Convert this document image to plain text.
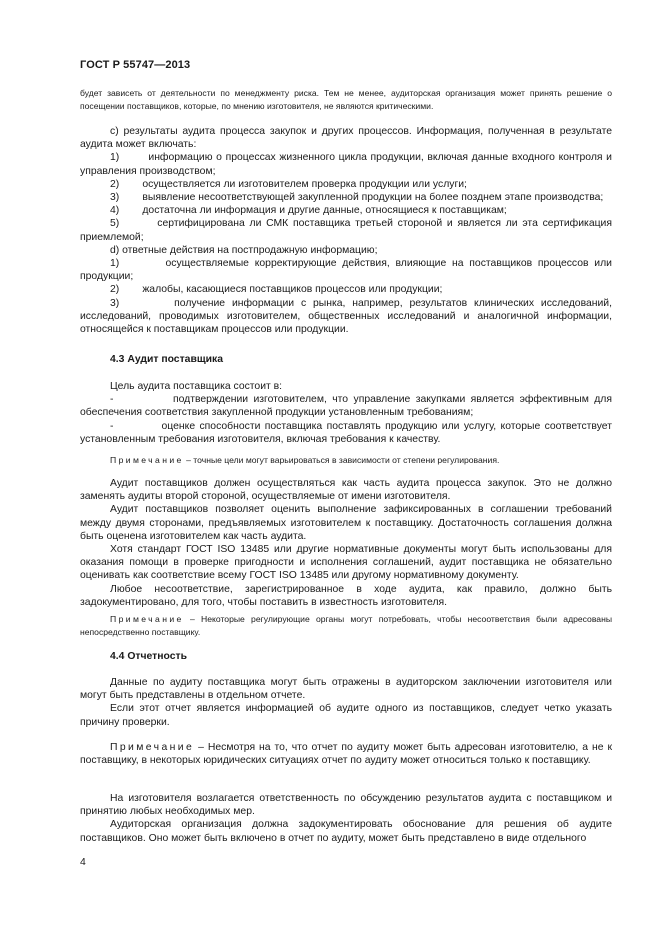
ГОСТ Р 55747—2013
будет зависеть от деятельности по менеджменту риска. Тем не менее, аудиторская организация может принять решение о посещении поставщиков, которые, по мнению изготовителя, не являются критическими.

c) результаты аудита процесса закупок и других процессов. Информация, полученная в результате аудита может включать:

1)	информацию о процессах жизненного цикла продукции, включая данные входного контроля и управления производством;

2) осуществляется ли изготовителем проверка продукции или услуги;

3) выявление несоответствующей закупленной продукции на более позднем этапе производства;

4) достаточна ли информация и другие данные, относящиеся к поставщикам;

5)	сертифицирована ли СМК поставщика третьей стороной и является ли эта сертификация приемлемой;

d) ответные действия на постпродажную информацию;

1)	осуществляемые корректирующие действия, влияющие на поставщиков процессов или продукции;

2) жалобы, касающиеся поставщиков процессов или продукции;

3)	получение информации с рынка, например, результатов клинических исследований, исследований, проводимых изготовителем, общественных исследований и аналогичной информации, относящейся к поставщикам процессов или продукции.

4.3 Аудит поставщика

Цель аудита поставщика состоит в:

-	подтверждении изготовителем, что управление закупками является эффективным для обеспечения соответствия закупленной продукции установленным требованиям;

-	оценке способности поставщика поставлять продукцию или услугу, которые соответствует установленным требования изготовителя, включая требования к качеству.

Примечание – точные цели могут варьироваться в зависимости от степени регулирования.

Аудит поставщиков должен осуществляться как часть аудита процесса закупок. Это не должно заменять аудиты второй стороной, осуществляемые от имени изготовителя.

Аудит поставщиков позволяет оценить выполнение зафиксированных в соглашении требований между двумя сторонами, предъявляемых изготовителем к поставщику. Достаточность соглашения должна быть оценена изготовителем как часть аудита.

Хотя стандарт ГОСТ ISO 13485 или другие нормативные документы могут быть использованы для оказания помощи в проверке пригодности и исполнения соглашений, аудит поставщика не обязательно оценивать как соответствие всему ГОСТ ISO 13485 или другому нормативному документу.

Любое несоответствие, зарегистрированное в ходе аудита, как правило, должно быть задокументировано, для того, чтобы поставить в известность изготовителя.

Примечание – Некоторые регулирующие органы могут потребовать, чтобы несоответствия были адресованы непосредственно поставщику.
4.4 Отчетность

Данные по аудиту поставщика могут быть отражены в аудиторском заключении изготовителя или могут быть представлены в отдельном отчете.

Если этот отчет является информацией об аудите одного из поставщиков, следует четко указать причину проверки.

Примечание – Несмотря на то, что отчет по аудиту может быть адресован изготовителю, а не к поставщику, в некоторых юридических ситуациях отчет по аудиту может относиться только к поставщику.

На изготовителя возлагается ответственность по обсуждению результатов аудита с поставщиком и принятию любых необходимых мер.

Аудиторская организация должна задокументировать обоснование для решения об аудите поставщиков. Оно может быть включено в отчет по аудиту, может быть представлено в виде отдельного

4
